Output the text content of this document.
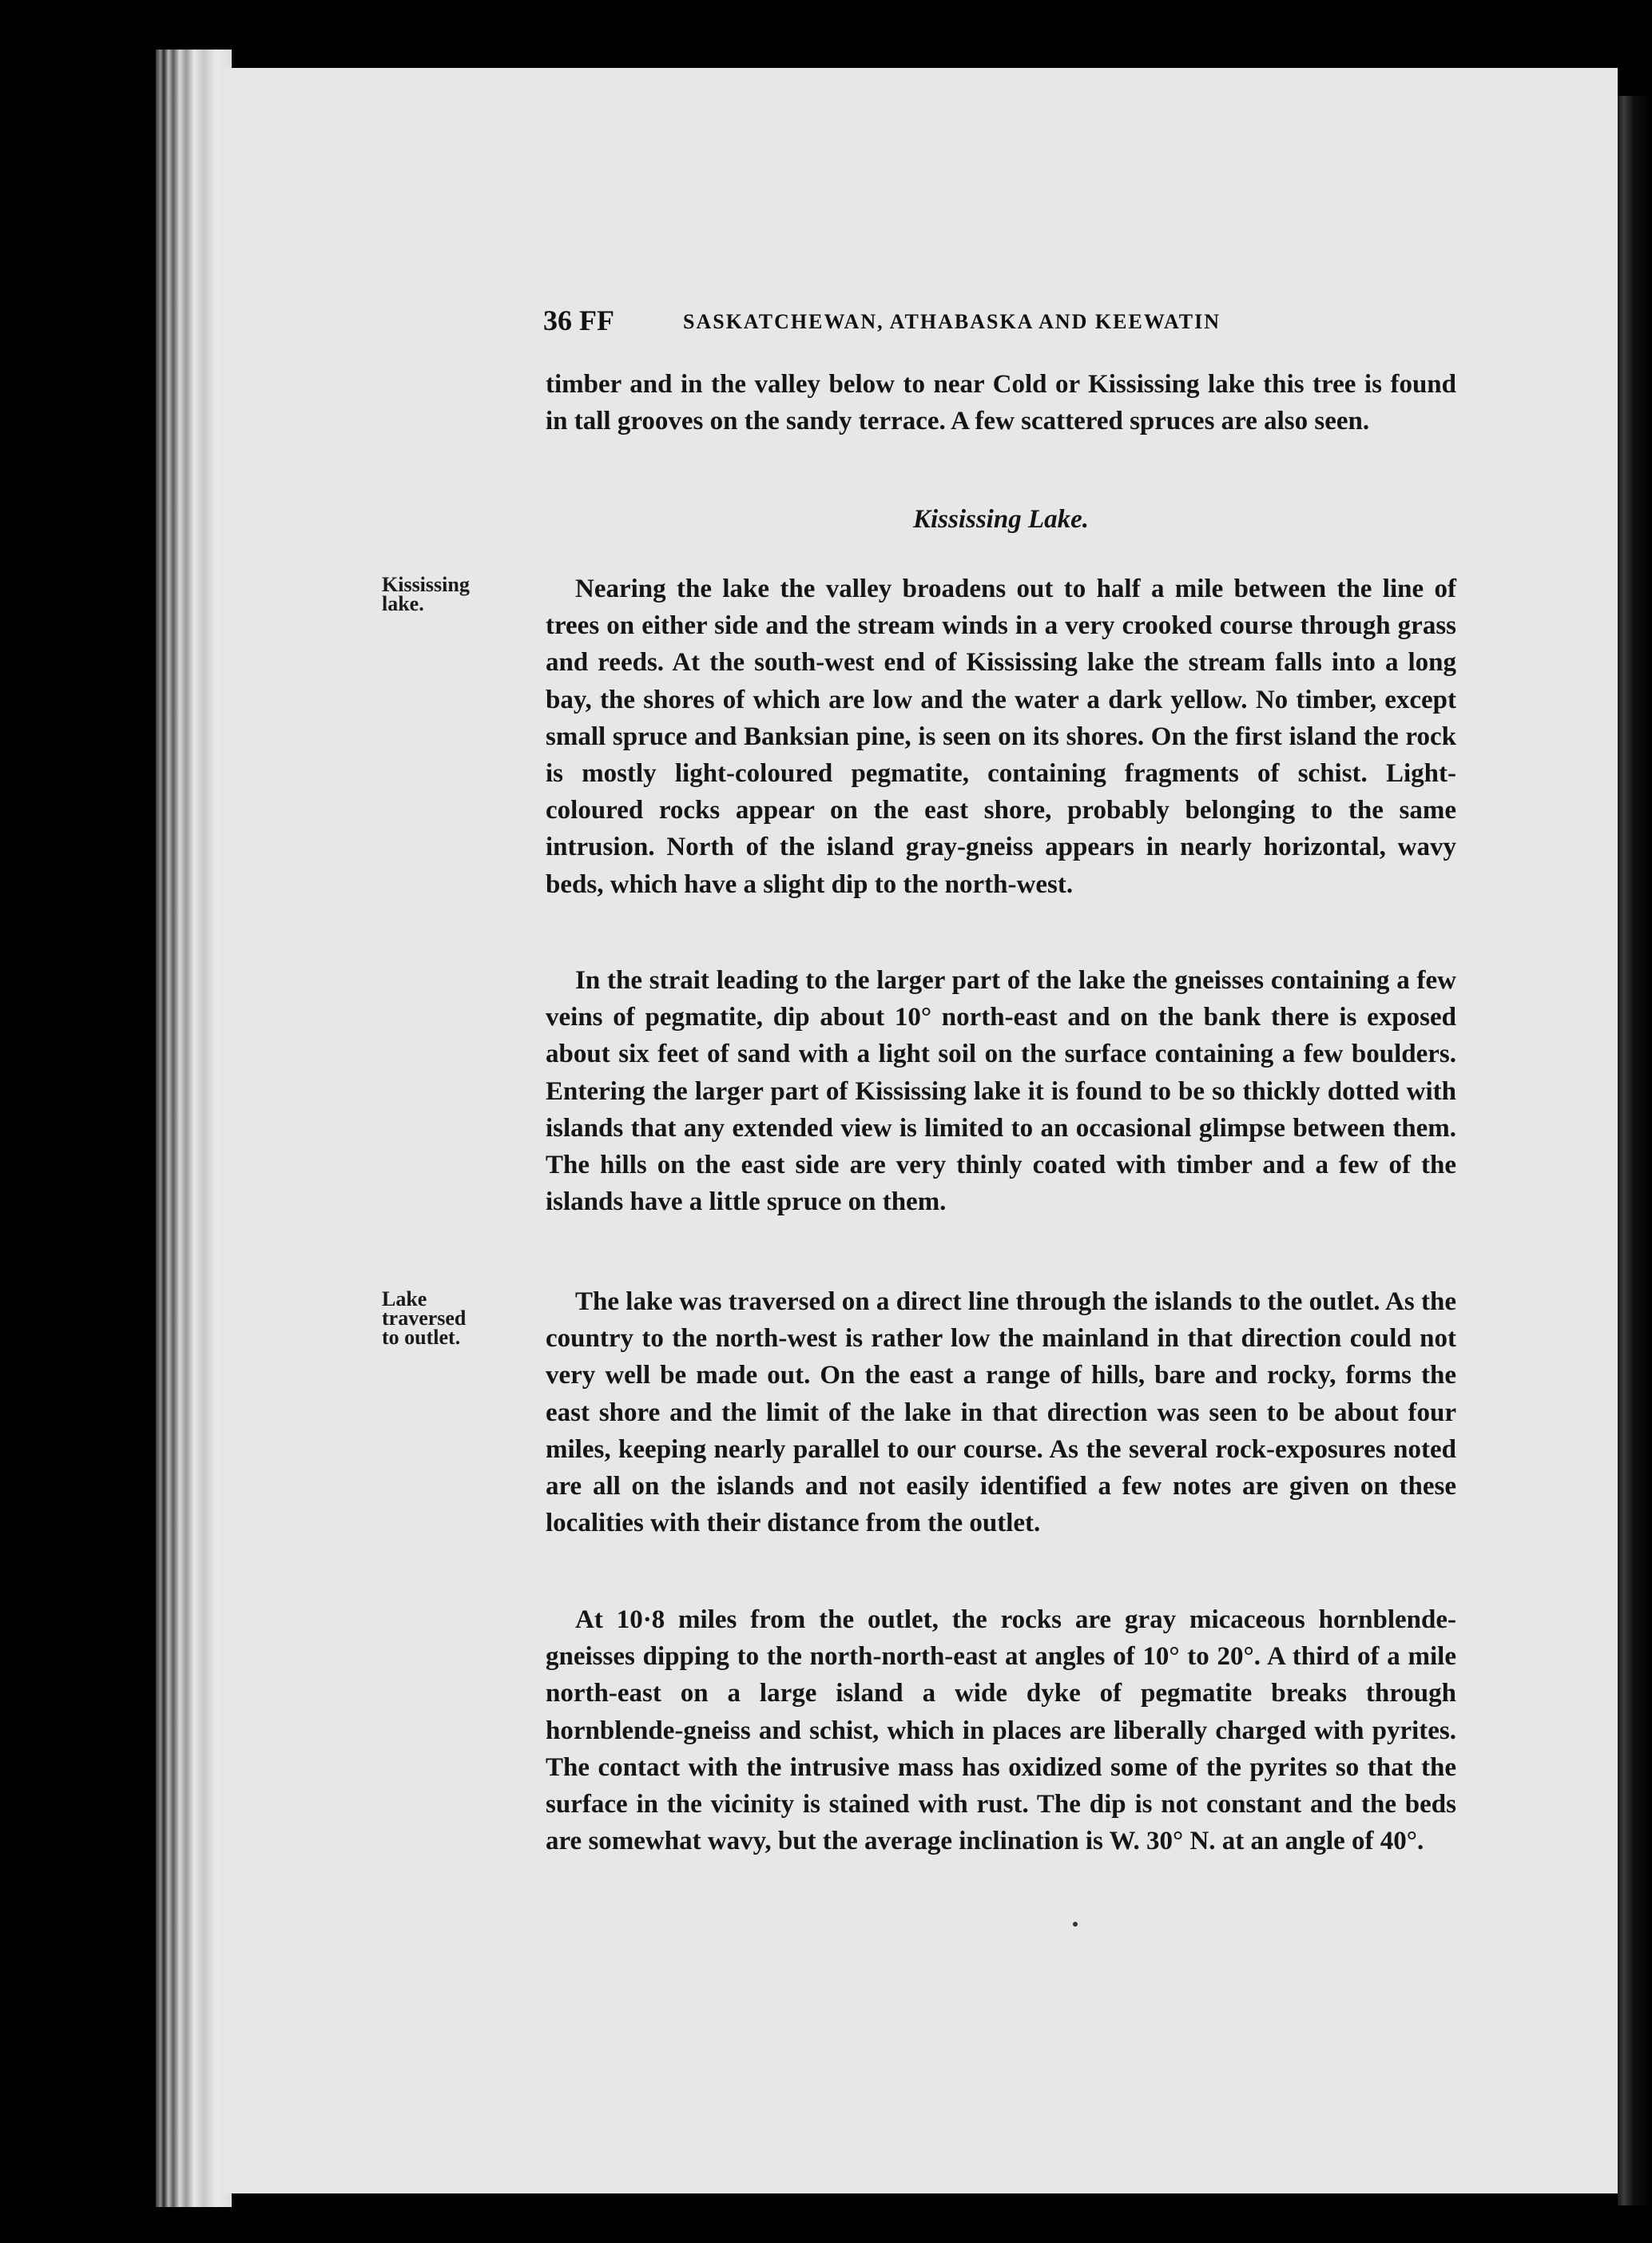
36 FF	SASKATCHEWAN, ATHABASKA AND KEEWATIN

timber and in the valley below to near Cold or Kississing lake this tree is found in tall grooves on the sandy terrace. A few scattered spruces are also seen.

Kississing Lake.

Kississing
lake.

Nearing the lake the valley broadens out to half a mile between the line of trees on either side and the stream winds in a very crooked course through grass and reeds. At the south-west end of Kississing lake the stream falls into a long bay, the shores of which are low and the water a dark yellow. No timber, except small spruce and Banksian pine, is seen on its shores. On the first island the rock is mostly light-coloured pegmatite, containing fragments of schist. Light-coloured rocks appear on the east shore, probably belonging to the same intrusion. North of the island gray-gneiss appears in nearly horizontal, wavy beds, which have a slight dip to the north-west.

In the strait leading to the larger part of the lake the gneisses containing a few veins of pegmatite, dip about 10° north-east and on the bank there is exposed about six feet of sand with a light soil on the surface containing a few boulders. Entering the larger part of Kississing lake it is found to be so thickly dotted with islands that any extended view is limited to an occasional glimpse between them. The hills on the east side are very thinly coated with timber and a few of the islands have a little spruce on them.

Lake
traversed
to outlet.

The lake was traversed on a direct line through the islands to the outlet. As the country to the north-west is rather low the mainland in that direction could not very well be made out. On the east a range of hills, bare and rocky, forms the east shore and the limit of the lake in that direction was seen to be about four miles, keeping nearly parallel to our course. As the several rock-exposures noted are all on the islands and not easily identified a few notes are given on these localities with their distance from the outlet.

At 10·8 miles from the outlet, the rocks are gray micaceous hornblende-gneisses dipping to the north-north-east at angles of 10° to 20°. A third of a mile north-east on a large island a wide dyke of pegmatite breaks through hornblende-gneiss and schist, which in places are liberally charged with pyrites. The contact with the intrusive mass has oxidized some of the pyrites so that the surface in the vicinity is stained with rust. The dip is not constant and the beds are somewhat wavy, but the average inclination is W. 30° N. at an angle of 40°.
